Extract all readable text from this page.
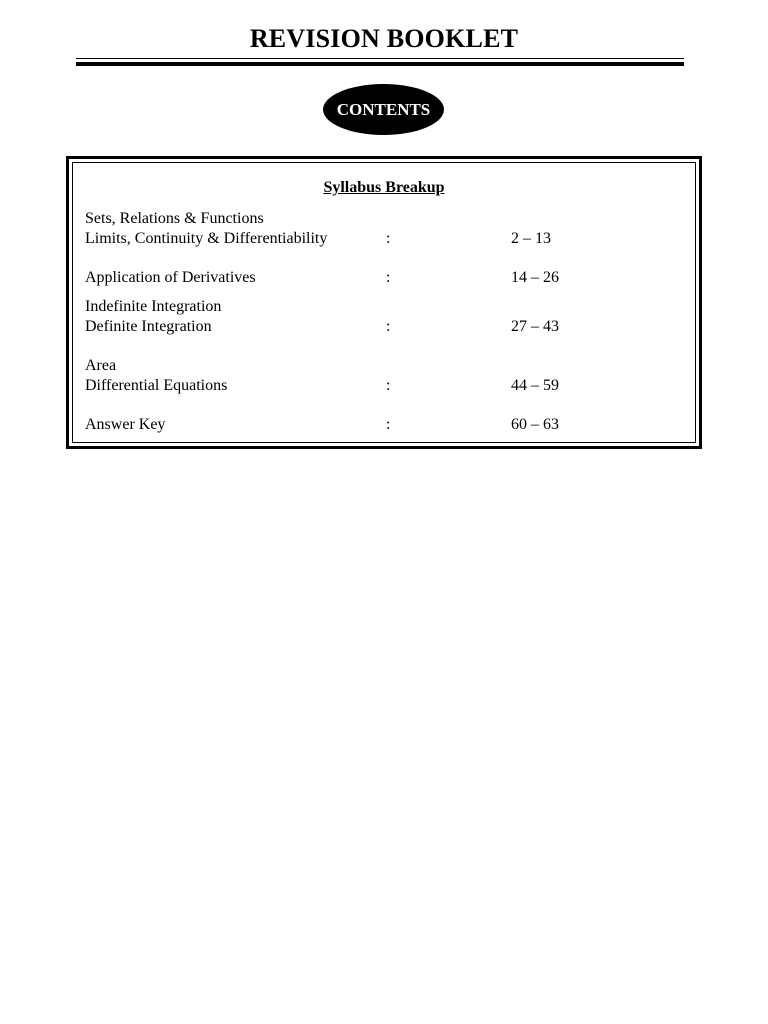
REVISION BOOKLET
CONTENTS
Syllabus Breakup
Sets, Relations & Functions
Limits, Continuity & Differentiability	:	2 – 13
Application of Derivatives	:	14 – 26
Indefinite Integration
Definite Integration	:	27 – 43
Area
Differential Equations	:	44 – 59
Answer Key	:	60 – 63
